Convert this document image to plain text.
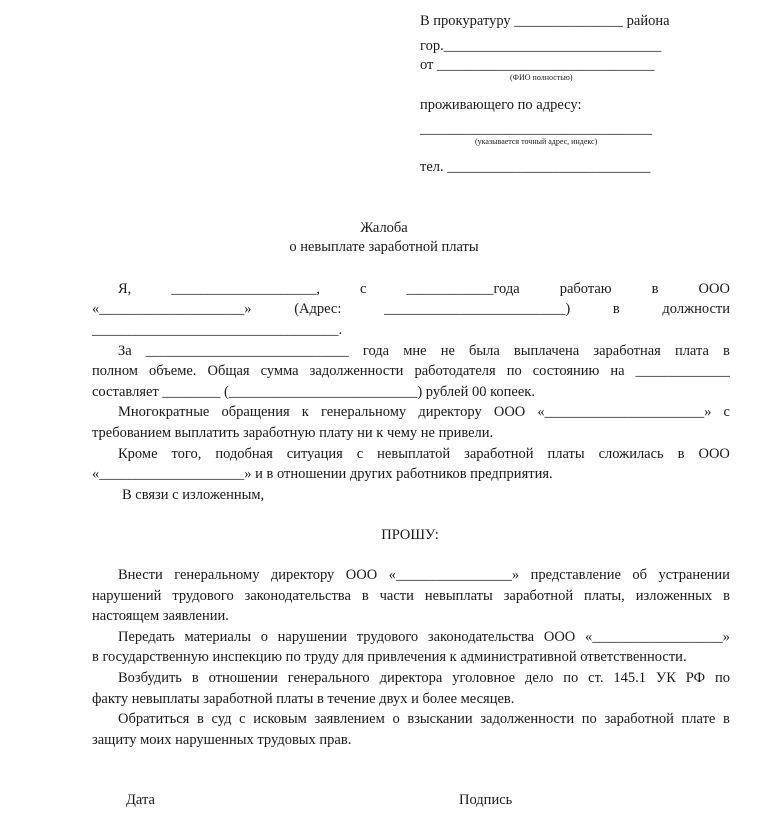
В прокуратуру _______________ района
гор.______________________________
от ______________________________
(ФИО полностью)
проживающего по адресу:
________________________________
(указывается точный адрес, индекс)
тел. ____________________________
Жалоба
о невыплате заработной платы
Я,	____________________,	с	____________года	работаю	в	ООО
«____________________»	(Адрес:	_________________________)	в	должности
__________________________________.
За ____________________________ года мне не была выплачена заработная плата в
полном объеме. Общая сумма задолженности работодателя по состоянию на _____________
составляет ________ (__________________________) рублей 00 копеек.
Многократные обращения к генеральному директору ООО «______________________» с
требованием выплатить заработную плату ни к чему не привели.
Кроме того, подобная ситуация с невыплатой заработной платы сложилась в ООО
«____________________» и в отношении других работников предприятия.
В связи с изложенным,
ПРОШУ:
Внести генеральному директору ООО «________________» представление об устранении
нарушений трудового законодательства в части невыплаты заработной платы, изложенных в
настоящем заявлении.
Передать материалы о нарушении трудового законодательства ООО «__________________»
в государственную инспекцию по труду для привлечения к административной ответственности.
Возбудить в отношении генерального директора уголовное дело по ст. 145.1 УК РФ по
факту невыплаты заработной платы в течение двух и более месяцев.
Обратиться в суд с исковым заявлением о взыскании задолженности по заработной плате в
защиту моих нарушенных трудовых прав.
Дата	Подпись
